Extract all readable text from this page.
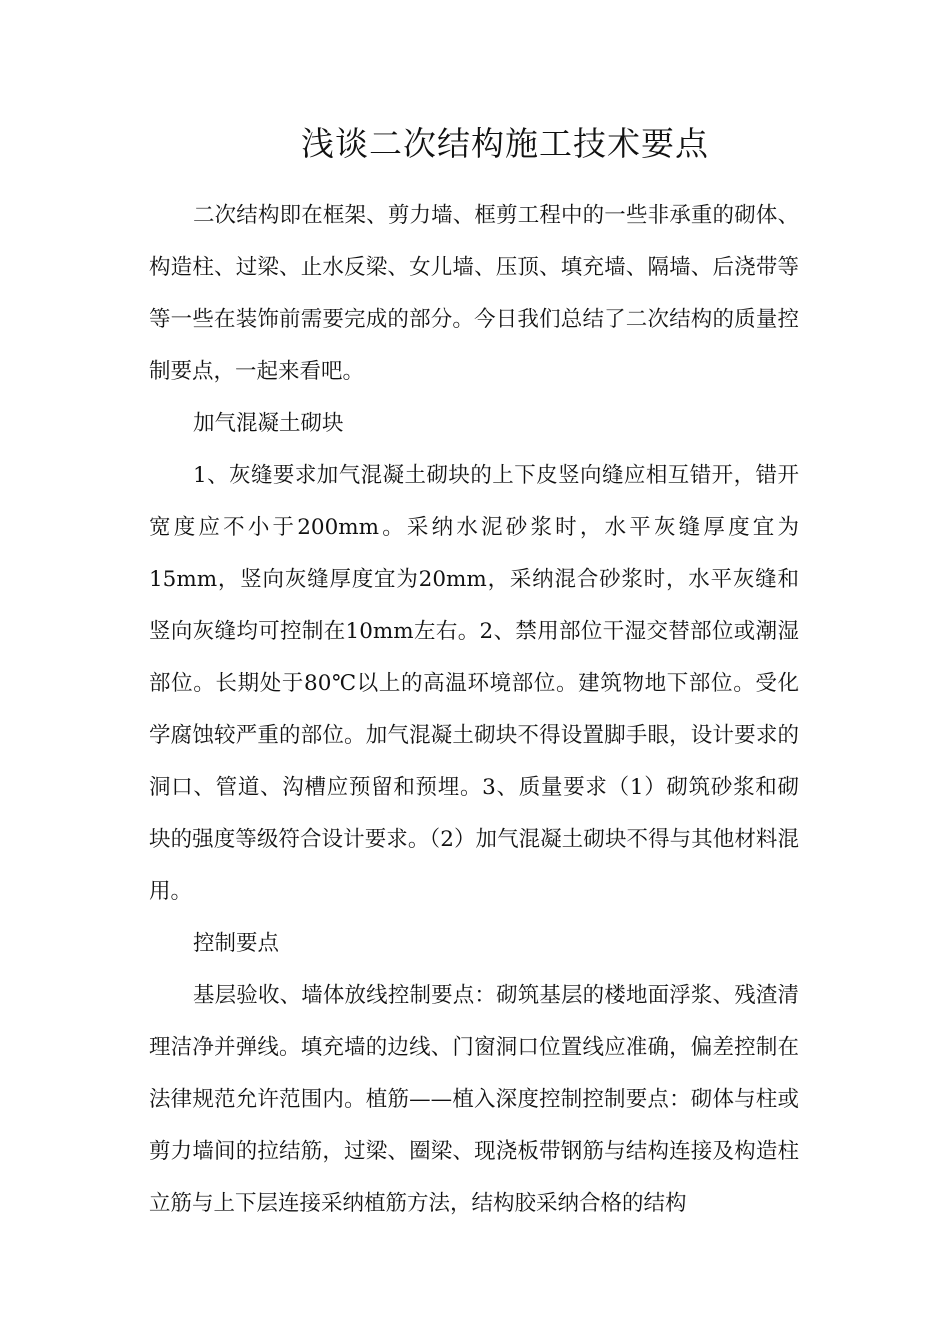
浅谈二次结构施工技术要点

二次结构即在框架、剪力墙、框剪工程中的一些非承重的砌体、构造柱、过梁、止水反梁、女儿墙、压顶、填充墙、隔墙、后浇带等等一些在装饰前需要完成的部分。今日我们总结了二次结构的质量控制要点，一起来看吧。

加气混凝土砌块

1、灰缝要求加气混凝土砌块的上下皮竖向缝应相互错开，错开宽度应不小于200mm。采纳水泥砂浆时，水平灰缝厚度宜为15mm，竖向灰缝厚度宜为20mm，采纳混合砂浆时，水平灰缝和竖向灰缝均可控制在10mm左右。2、禁用部位干湿交替部位或潮湿部位。长期处于80℃以上的高温环境部位。建筑物地下部位。受化学腐蚀较严重的部位。加气混凝土砌块不得设置脚手眼，设计要求的洞口、管道、沟槽应预留和预埋。3、质量要求（1）砌筑砂浆和砌块的强度等级符合设计要求。（2）加气混凝土砌块不得与其他材料混用。

控制要点

基层验收、墙体放线控制要点：砌筑基层的楼地面浮浆、残渣清理洁净并弹线。填充墙的边线、门窗洞口位置线应准确，偏差控制在法律规范允许范围内。植筋——植入深度控制控制要点：砌体与柱或剪力墙间的拉结筋，过梁、圈梁、现浇板带钢筋与结构连接及构造柱立筋与上下层连接采纳植筋方法，结构胶采纳合格的结构
